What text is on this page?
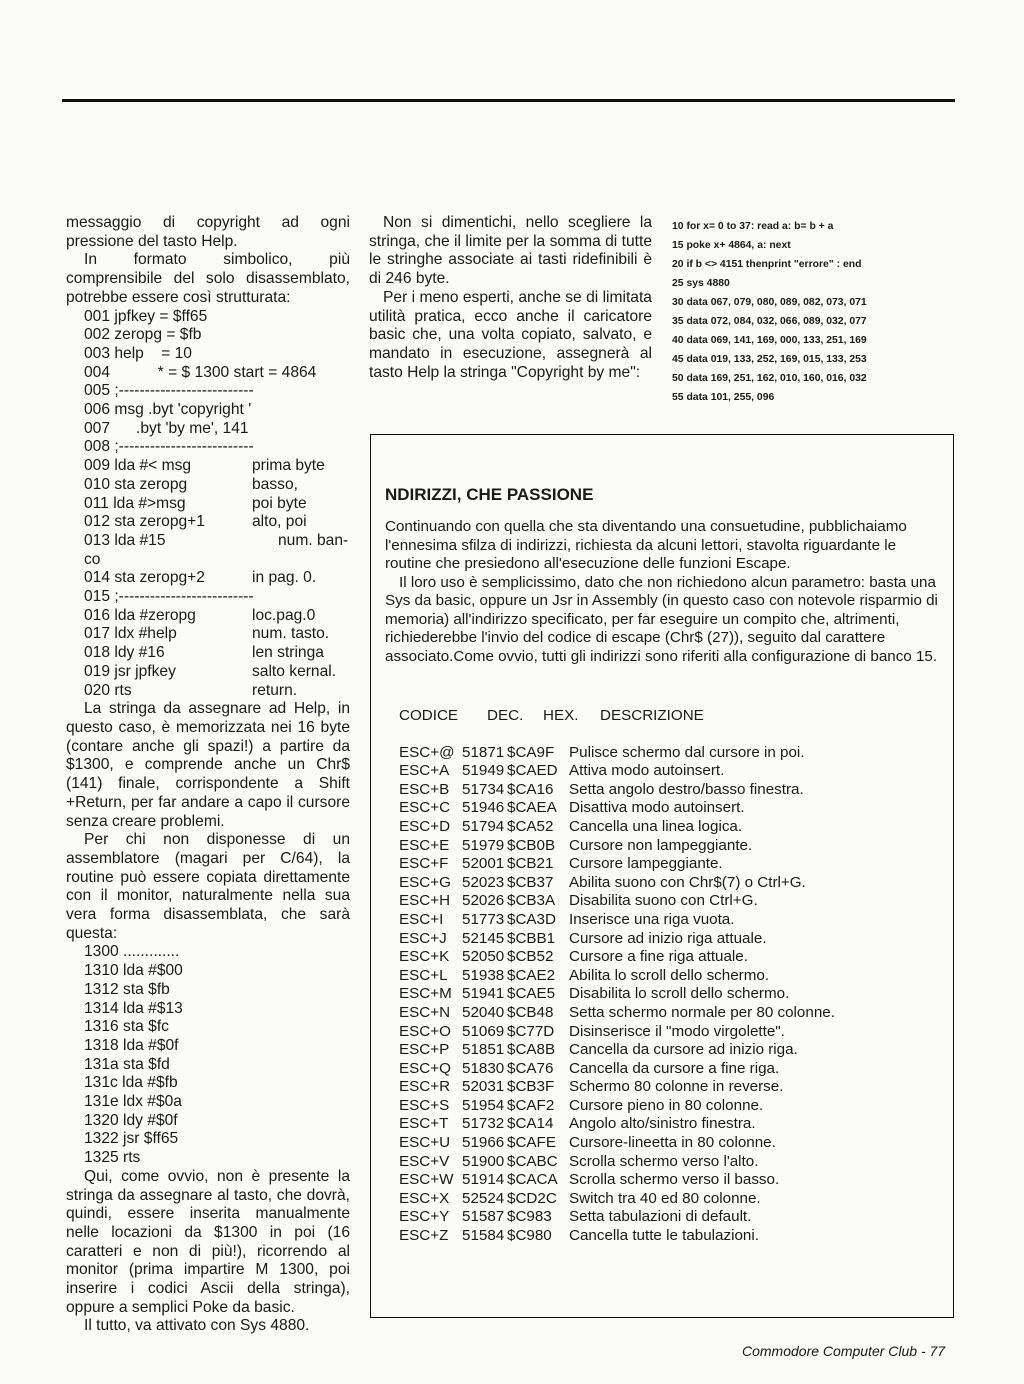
messaggio di copyright ad ogni pressione del tasto Help.

In formato simbolico, più comprensibile del solo disassemblato, potrebbe essere così strutturata:

001 jpfkey = $ff65
002 zeropg = $fb
003 help    = 10
004           * = $ 1300 start = 4864
005 ;--------------------------
006 msg .byt 'copyright '
007      .byt 'by me', 141
008 ;--------------------------
009 lda #< msg	prima byte
010 sta zeropg	basso,
011 lda #>msg	poi byte
012 sta zeropg+1	alto, poi
013 lda #15	num. ban-
co
014 sta zeropg+2	in pag. 0.
015 ;--------------------------
016 lda #zeropg	loc.pag.0
017 ldx #help	num. tasto.
018 ldy #16	len stringa
019 jsr jpfkey	salto kernal.
020 rts	return.

La stringa da assegnare ad Help, in questo caso, è memorizzata nei 16 byte (contare anche gli spazi!) a partire da $1300, e comprende anche un Chr$ (141) finale, corrispondente a Shift +Return, per far andare a capo il cursore senza creare problemi.

Per chi non disponesse di un assemblatore (magari per C/64), la routine può essere copiata direttamente con il monitor, naturalmente nella sua vera forma disassemblata, che sarà questa:

1300 .............
1310 lda #$00
1312 sta $fb
1314 lda #$13
1316 sta $fc
1318 lda #$0f
131a sta $fd
131c lda #$fb
131e ldx #$0a
1320 ldy #$0f
1322 jsr $ff65
1325 rts

Qui, come ovvio, non è presente la stringa da assegnare al tasto, che dovrà, quindi, essere inserita manualmente nelle locazioni da $1300 in poi (16 caratteri e non di più!), ricorrendo al monitor (prima impartire M 1300, poi inserire i codici Ascii della stringa), oppure a semplici Poke da basic.

Il tutto, va attivato con Sys 4880.

Non si dimentichi, nello scegliere la stringa, che il limite per la somma di tutte le stringhe associate ai tasti ridefinibili è di 246 byte.

Per i meno esperti, anche se di limitata utilità pratica, ecco anche il caricatore basic che, una volta copiato, salvato, e mandato in esecuzione, assegnerà al tasto Help la stringa "Copyright by me":

10 for x= 0 to 37: read a: b= b + a
15 poke x+ 4864, a: next
20 if b <> 4151 thenprint "errore" : end
25 sys 4880
30 data 067, 079, 080, 089, 082, 073, 071
35 data 072, 084, 032, 066, 089, 032, 077
40 data 069, 141, 169, 000, 133, 251, 169
45 data 019, 133, 252, 169, 015, 133, 253
50 data 169, 251, 162, 010, 160, 016, 032
55 data 101, 255, 096
NDIRIZZI, CHE PASSIONE

Continuando con quella che sta diventando una consuetudine, pubblichaiamo l'ennesima sfilza di indirizzi, richiesta da alcuni lettori, stavolta riguardante le routine che presiedono all'esecuzione delle funzioni Escape.

Il loro uso è semplicissimo, dato che non richiedono alcun parametro: basta una Sys da basic, oppure un Jsr in Assembly (in questo caso con notevole risparmio di memoria) all'indirizzo specificato, per far eseguire un compito che, altrimenti, richiederebbe l'invio del codice di escape (Chr$ (27)), seguito dal carattere associato.Come ovvio, tutti gli indirizzi sono riferiti alla configurazione di banco 15.

CODICE	DEC.	HEX.	DESCRIZIONE
ESC+@ 51871 $CA9F Pulisce schermo dal cursore in poi.
ESC+A 51949 $CAED Attiva modo autoinsert.
ESC+B 51734 $CA16	Setta angolo destro/basso finestra.
ESC+C 51946 $CAEA Disattiva modo autoinsert.
ESC+D 51794 $CA52	Cancella una linea logica.
ESC+E 51979 $CB0B Cursore non lampeggiante.
ESC+F 52001 $CB21	Cursore lampeggiante.
ESC+G 52023 $CB37	Abilita suono con Chr$(7) o Ctrl+G.
ESC+H 52026 $CB3A Disabilita suono con Ctrl+G.
ESC+I	51773 $CA3D Inserisce una riga vuota.
ESC+J	52145 $CBB1 Cursore ad inizio riga attuale.
ESC+K 52050 $CB52	Cursore a fine riga attuale.
ESC+L 51938 $CAE2 Abilita lo scroll dello schermo.
ESC+M 51941 $CAE5 Disabilita lo scroll dello schermo.
ESC+N 52040 $CB48	Setta schermo normale per 80 colonne.
ESC+O 51069 $C77D Disinserisce il "modo virgolette".
ESC+P 51851 $CA8B Cancella da cursore ad inizio riga.
ESC+Q 51830 $CA76	Cancella da cursore a fine riga.
ESC+R 52031 $CB3F Schermo 80 colonne in reverse.
ESC+S 51954 $CAF2 Cursore pieno in 80 colonne.
ESC+T 51732 $CA14	Angolo alto/sinistro finestra.
ESC+U 51966 $CAFE Cursore-lineetta in 80 colonne.
ESC+V 51900 $CABC Scrolla schermo verso l'alto.
ESC+W 51914 $CACA Scrolla schermo verso il basso.
ESC+X 52524 $CD2C Switch tra 40 ed 80 colonne.
ESC+Y 51587 $C983	Setta tabulazioni di default.
ESC+Z 51584 $C980	Cancella tutte le tabulazioni.
Commodore Computer Club - 77
